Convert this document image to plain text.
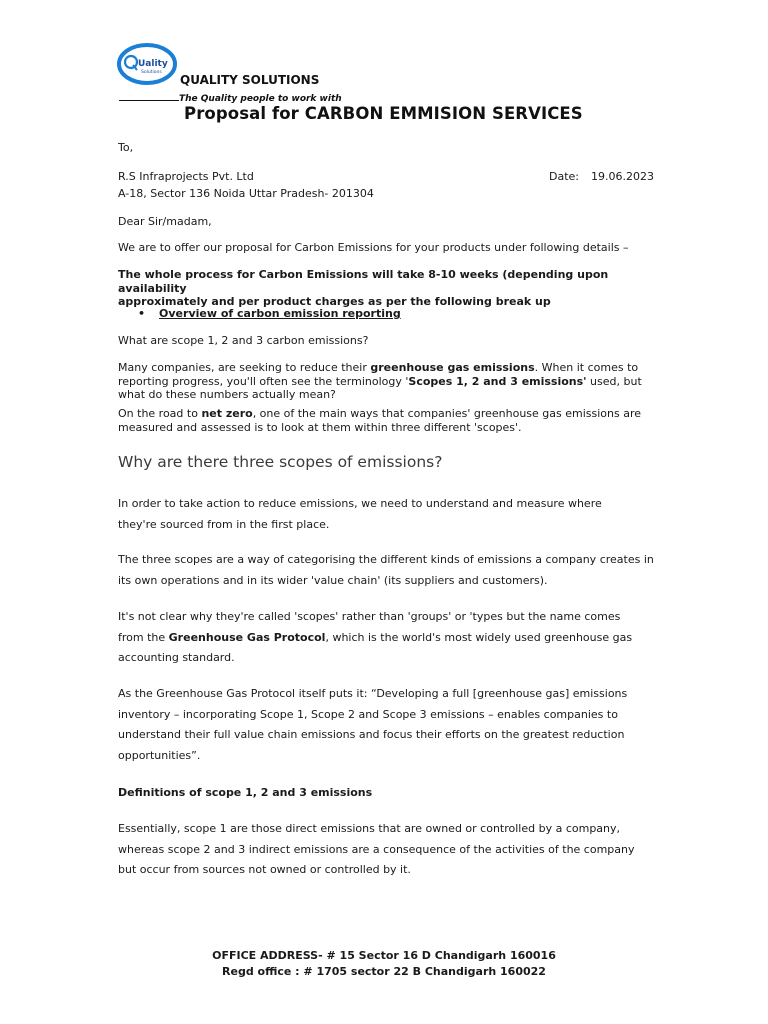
Uality
Solutions
QUALITY SOLUTIONS
The Quality people to work with
Proposal for CARBON EMMISION SERVICES
To,
R.S Infraprojects Pvt. Ltd
A-18, Sector 136 Noida Uttar Pradesh- 201304
Date: 19.06.2023
Dear Sir/madam,
We are to offer our proposal for Carbon Emissions for your products under following details –
The whole process for Carbon Emissions will take 8-10 weeks (depending upon availability
approximately and per product charges as per the following break up
• Overview of carbon emission reporting
What are scope 1, 2 and 3 carbon emissions?
Many companies, are seeking to reduce their greenhouse gas emissions. When it comes to reporting progress, you'll often see the terminology 'Scopes 1, 2 and 3 emissions' used, but what do these numbers actually mean?
On the road to net zero, one of the main ways that companies' greenhouse gas emissions are measured and assessed is to look at them within three different 'scopes'.
Why are there three scopes of emissions?
In order to take action to reduce emissions, we need to understand and measure where they're sourced from in the first place.
The three scopes are a way of categorising the different kinds of emissions a company creates in its own operations and in its wider 'value chain' (its suppliers and customers).
It's not clear why they're called 'scopes' rather than 'groups' or 'types but the name comes from the Greenhouse Gas Protocol, which is the world's most widely used greenhouse gas accounting standard.
As the Greenhouse Gas Protocol itself puts it: “Developing a full [greenhouse gas] emissions inventory – incorporating Scope 1, Scope 2 and Scope 3 emissions – enables companies to understand their full value chain emissions and focus their efforts on the greatest reduction opportunities”.
Definitions of scope 1, 2 and 3 emissions
Essentially, scope 1 are those direct emissions that are owned or controlled by a company, whereas scope 2 and 3 indirect emissions are a consequence of the activities of the company but occur from sources not owned or controlled by it.
OFFICE ADDRESS- # 15 Sector 16 D Chandigarh 160016
Regd office : # 1705 sector 22 B Chandigarh 160022
